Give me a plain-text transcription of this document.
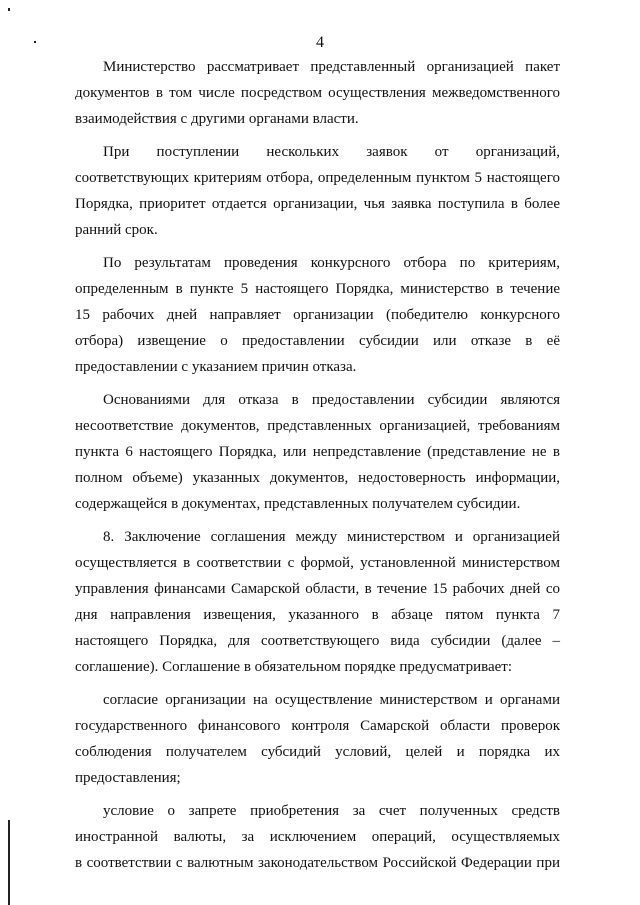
4
Министерство рассматривает представленный организацией пакет
документов в том числе посредством осуществления межведомственного
взаимодействия с другими органами власти.
При поступлении нескольких заявок от организаций,
соответствующих критериям отбора, определенным пунктом 5 настоящего
Порядка, приоритет отдается организации, чья заявка поступила в более
ранний срок.
По результатам проведения конкурсного отбора по критериям,
определенным в пункте 5 настоящего Порядка, министерство в течение
15 рабочих дней направляет организации (победителю конкурсного
отбора) извещение о предоставлении субсидии или отказе в её
предоставлении с указанием причин отказа.
Основаниями для отказа в предоставлении субсидии являются
несоответствие документов, представленных организацией, требованиям
пункта 6 настоящего Порядка, или непредставление (представление не в
полном объеме) указанных документов, недостоверность информации,
содержащейся в документах, представленных получателем субсидии.
8. Заключение соглашения между министерством и организацией
осуществляется в соответствии с формой, установленной министерством
управления финансами Самарской области, в течение 15 рабочих дней со
дня направления извещения, указанного в абзаце пятом пункта 7
настоящего Порядка, для соответствующего вида субсидии (далее –
соглашение). Соглашение в обязательном порядке предусматривает:
согласие организации на осуществление министерством и органами
государственного финансового контроля Самарской области проверок
соблюдения получателем субсидий условий, целей и порядка их
предоставления;
условие о запрете приобретения за счет полученных средств
иностранной валюты, за исключением операций, осуществляемых
в соответствии с валютным законодательством Российской Федерации при
